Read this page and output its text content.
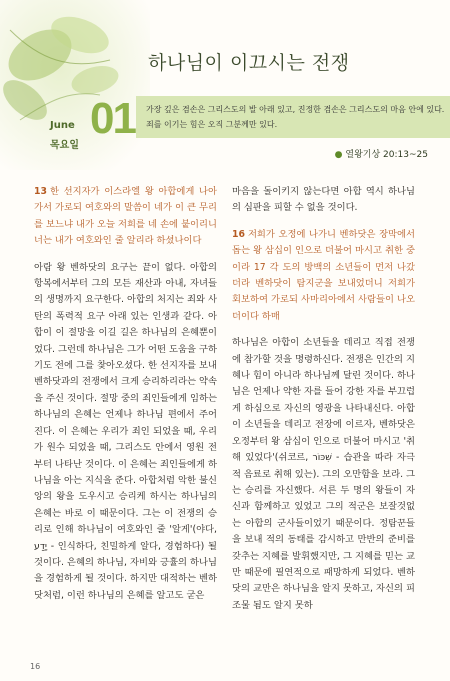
하나님이 이끄시는 전쟁
June
목요일
01	가장 깊은 겸손은 그리스도의 발 아래 있고, 진정한 겸손은 그리스도의 마음 안에 있다. 죄를 이기는 힘은 오직 그분께만 있다.
● 열왕기상 20:13~25

13 한 선지자가 이스라엘 왕 아합에게 나아가서 가로되 여호와의 말씀이 네가 이 큰 무리를 보느냐 내가 오늘 저희를 네 손에 붙이리니 너는 내가 여호와인 줄 알리라 하셨나이다

아람 왕 벤하닷의 요구는 끝이 없다. 아합의 항복에서부터 그의 모든 재산과 아내, 자녀들의 생명까지 요구한다. 아합의 처지는 죄와 사탄의 폭력적 요구 아래 있는 인생과 같다. 아합이 이 절망을 이길 길은 하나님의 은혜뿐이었다. 그런데 하나님은 그가 어떤 도움을 구하기도 전에 그를 찾아오셨다. 한 선지자를 보내 벤하닷과의 전쟁에서 크게 승리하리라는 약속을 주신 것이다. 절망 중의 죄인들에게 임하는 하나님의 은혜는 언제나 하나님 편에서 주어진다. 이 은혜는 우리가 죄인 되었을 때, 우리가 원수 되었을 때, 그리스도 안에서 영원 전부터 나타난 것이다. 이 은혜는 죄인들에게 하나님을 아는 지식을 준다. 아합처럼 악한 불신앙의 왕을 도우시고 승리케 하시는 하나님의 은혜는 바로 이 때문이다. 그는 이 전쟁의 승리로 인해 하나님이 여호와인 줄 '알게'(야다, יָדַע - 인식하다, 친밀하게 알다, 경험하다) 될 것이다. 은혜의 하나님, 자비와 긍휼의 하나님을 경험하게 될 것이다. 하지만 대적하는 벤하닷처럼, 이런 하나님의 은혜를 알고도 굳은

마음을 돌이키지 않는다면 아합 역시 하나님의 심판을 피할 수 없을 것이다.

16 저희가 오정에 나가니 벤하닷은 장막에서 돕는 왕 삼십이 인으로 더불어 마시고 취한 중이라 17 각 도의 방백의 소년들이 먼저 나갔더라 벤하닷이 탐지군을 보내었더니 저희가 회보하여 가로되 사마리아에서 사람들이 나오더이다 하매

하나님은 아합이 소년들을 데리고 직접 전쟁에 참가할 것을 명령하신다. 전쟁은 인간의 지혜나 힘이 아니라 하나님께 달린 것이다. 하나님은 언제나 약한 자를 들어 강한 자를 부끄럽게 하심으로 자신의 영광을 나타내신다. 아합이 소년들을 데리고 전장에 이르자, 벤하닷은 오정부터 왕 삼십이 인으로 더불어 마시고 '취해 있었다'(쉬코르, שִׁכּוֹר - 습관을 따라 자극적 음료로 취해 있는). 그의 오만함을 보라. 그는 승리를 자신했다. 서른 두 명의 왕들이 자신과 함께하고 있었고 그의 적군은 보잘것없는 아합의 군사들이었기 때문이다. 정탐꾼들을 보내 적의 동태를 감시하고 만반의 준비를 갖추는 지혜를 발휘했지만, 그 지혜를 믿는 교만 때문에 필연적으로 패망하게 되었다. 벤하닷의 교만은 하나님을 알지 못하고, 자신의 피조물 됨도 알지 못하

16
